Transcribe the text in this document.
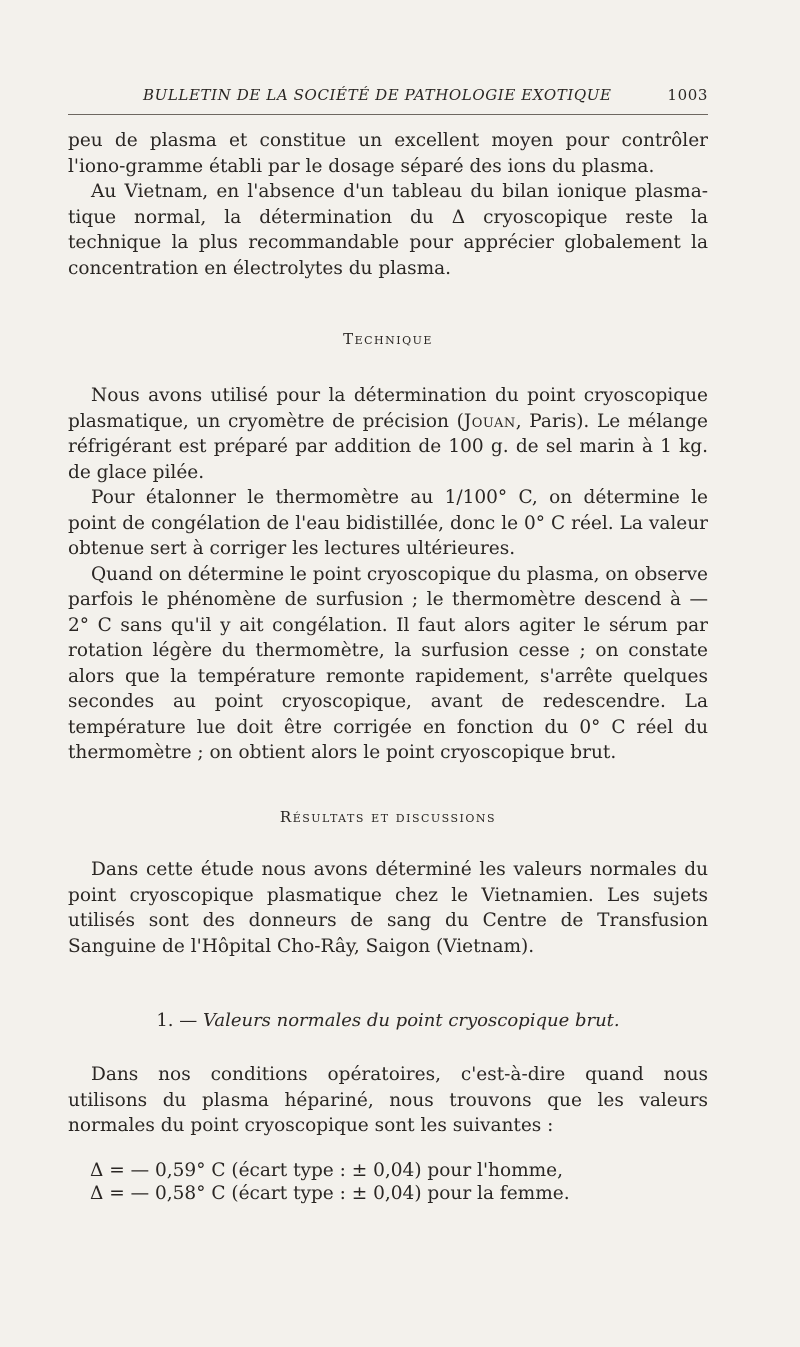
BULLETIN DE LA SOCIÉTÉ DE PATHOLOGIE EXOTIQUE	1003

peu de plasma et constitue un excellent moyen pour contrôler l'iono-gramme établi par le dosage séparé des ions du plasma.

Au Vietnam, en l'absence d'un tableau du bilan ionique plasma-tique normal, la détermination du Δ cryoscopique reste la technique la plus recommandable pour apprécier globalement la concentration en électrolytes du plasma.

Technique

Nous avons utilisé pour la détermination du point cryoscopique plasmatique, un cryomètre de précision (Jouan, Paris). Le mélange réfrigérant est préparé par addition de 100 g. de sel marin à 1 kg. de glace pilée.

Pour étalonner le thermomètre au 1/100° C, on détermine le point de congélation de l'eau bidistillée, donc le 0° C réel. La valeur obtenue sert à corriger les lectures ultérieures.

Quand on détermine le point cryoscopique du plasma, on observe parfois le phénomène de surfusion ; le thermomètre descend à — 2° C sans qu'il y ait congélation. Il faut alors agiter le sérum par rotation légère du thermomètre, la surfusion cesse ; on constate alors que la température remonte rapidement, s'arrête quelques secondes au point cryoscopique, avant de redescendre. La température lue doit être corrigée en fonction du 0° C réel du thermomètre ; on obtient alors le point cryoscopique brut.

Résultats et discussions

Dans cette étude nous avons déterminé les valeurs normales du point cryoscopique plasmatique chez le Vietnamien. Les sujets utilisés sont des donneurs de sang du Centre de Transfusion Sanguine de l'Hôpital Cho-Rây, Saigon (Vietnam).

1. — Valeurs normales du point cryoscopique brut.

Dans nos conditions opératoires, c'est-à-dire quand nous utilisons du plasma hépariné, nous trouvons que les valeurs normales du point cryoscopique sont les suivantes :

Δ = — 0,59° C (écart type : ± 0,04) pour l'homme,
Δ = — 0,58° C (écart type : ± 0,04) pour la femme.
